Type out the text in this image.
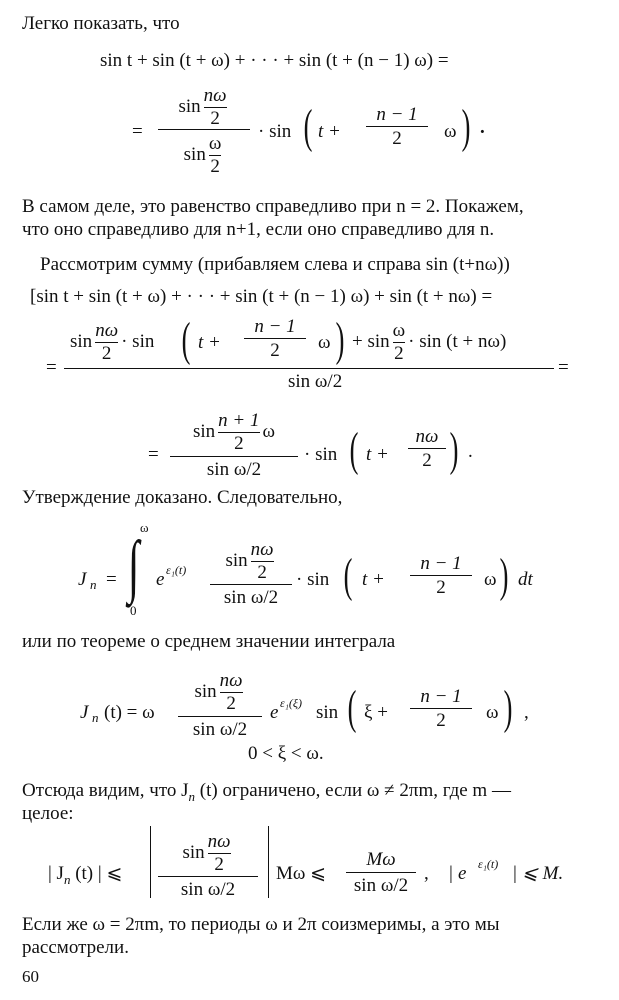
Легко показать, что
sin t + sin (t + ω) + · · · + sin (t + (n − 1) ω) =
=
sin
nω
2
sin
ω
2
· sin ( t +
n − 1
2 ω ) .
В самом деле, это равенство справедливо при n = 2. Покажем,
что оно справедливо для n+1, если оно справедливо для n.
Рассмотрим сумму (прибавляем слева и справа sin (t+nω))
[sin t + sin (t + ω) + · · · + sin (t + (n − 1) ω) + sin (t + nω) =
=
sin
nω
2
· sin ( t +
n − 1
2 ω ) + sin
ω
2
· sin (t + nω)
sin ω/2
=
=
sin
n + 1
2
ω
sin ω/2
· sin ( t +
nω
2 ) .
Утверждение доказано. Следовательно,
J n =
ω
∫
0
e ε₁(t) sin
nω
2
sin ω/2
· sin ( t +
n − 1
2 ω ) dt
или по теореме о среднем значении интеграла
J n (t) = ω
sin
nω
2
sin ω/2
e ε₁(ξ) sin ( ξ +
n − 1
2 ω ) ,
0 < ξ < ω.
Отсюда видим, что $J_n$ (t) ограничено, если ω ≠ 2πm, где m —
целое:
| $J_n$ (t) | ⩽
sin
nω
2
sin ω/2
Mω ⩽
Mω
sin ω/2
, | e ε₁(t) | ⩽ M.
Если же ω = 2πm, то периоды ω и 2π соизмеримы, а это мы
рассмотрели.
60
